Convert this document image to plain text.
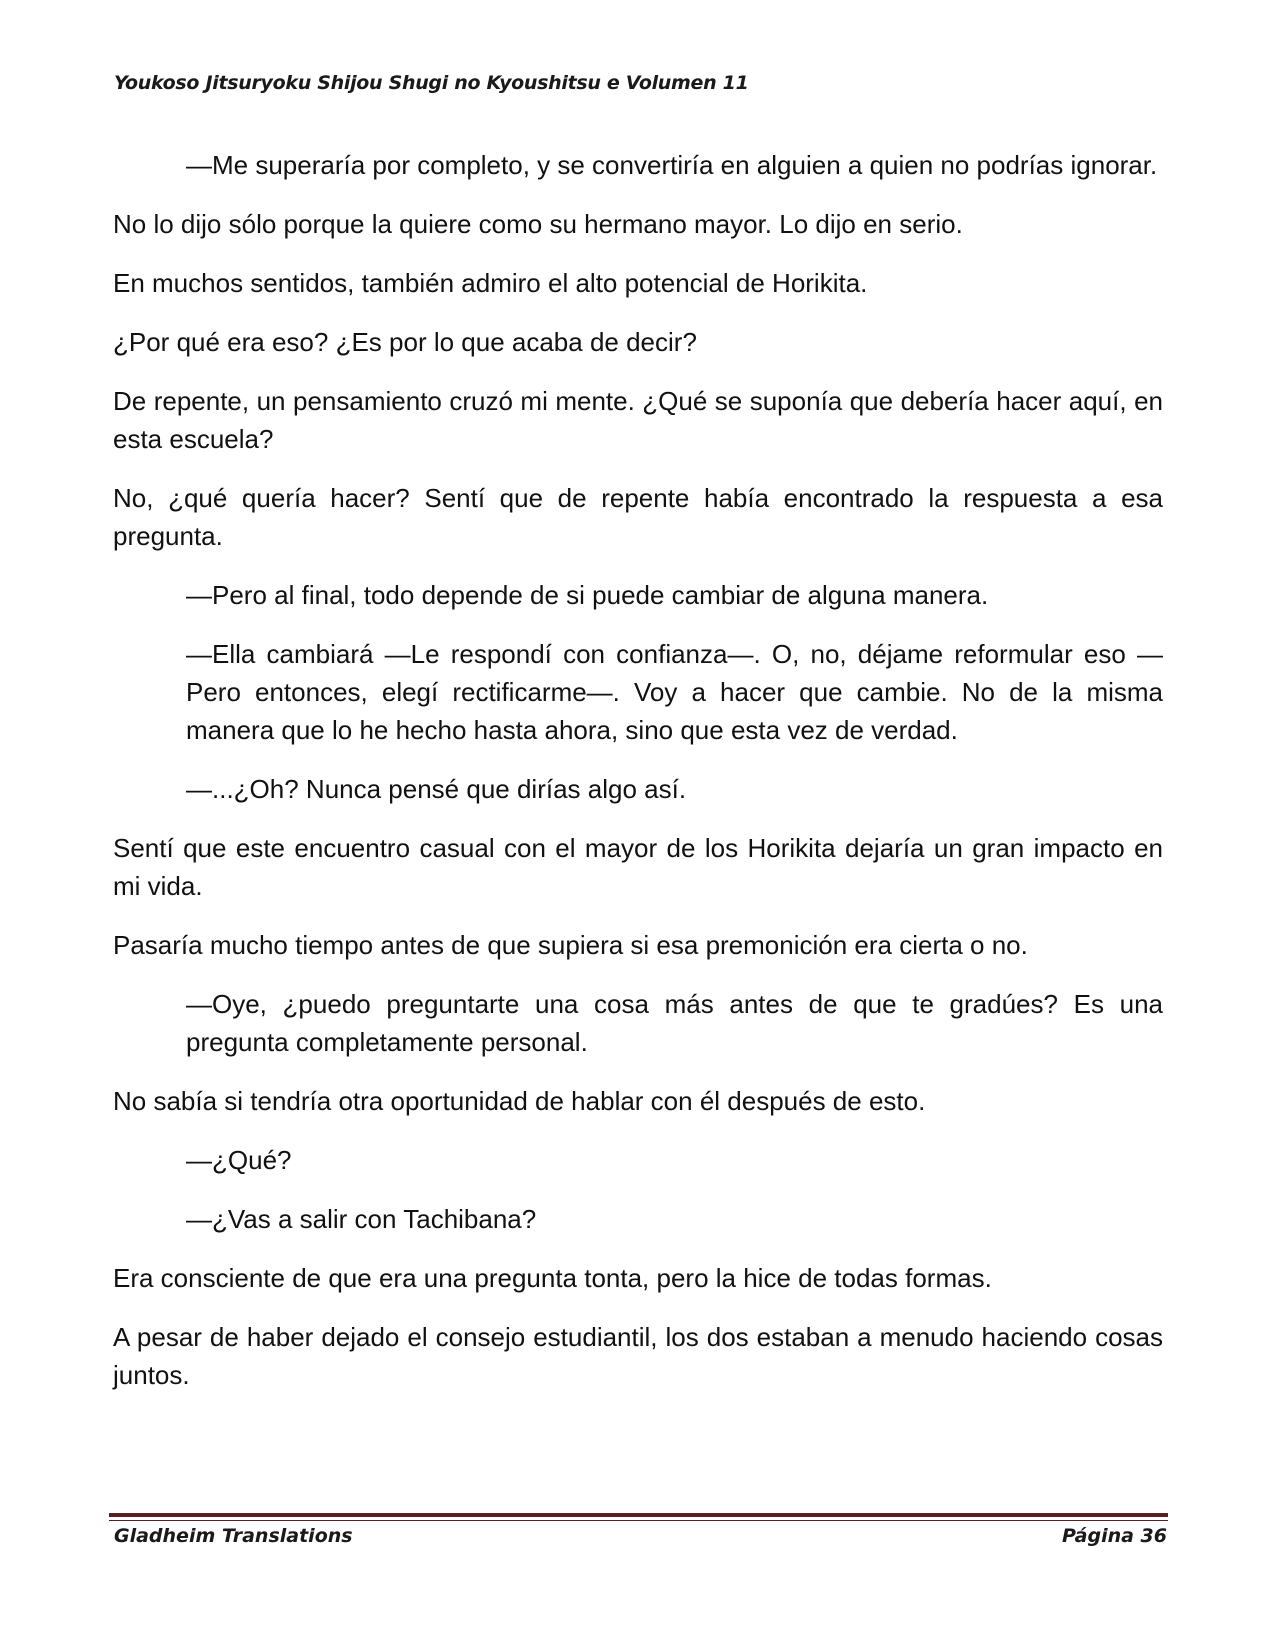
Youkoso Jitsuryoku Shijou Shugi no Kyoushitsu e Volumen 11

—Me superaría por completo, y se convertiría en alguien a quien no podrías ignorar.

No lo dijo sólo porque la quiere como su hermano mayor. Lo dijo en serio.

En muchos sentidos, también admiro el alto potencial de Horikita.

¿Por qué era eso? ¿Es por lo que acaba de decir?

De repente, un pensamiento cruzó mi mente. ¿Qué se suponía que debería hacer aquí, en esta escuela?

No, ¿qué quería hacer? Sentí que de repente había encontrado la respuesta a esa pregunta.

—Pero al final, todo depende de si puede cambiar de alguna manera.

—Ella cambiará —Le respondí con confianza—. O, no, déjame reformular eso —Pero entonces, elegí rectificarme—. Voy a hacer que cambie. No de la misma manera que lo he hecho hasta ahora, sino que esta vez de verdad.

—...¿Oh? Nunca pensé que dirías algo así.

Sentí que este encuentro casual con el mayor de los Horikita dejaría un gran impacto en mi vida.

Pasaría mucho tiempo antes de que supiera si esa premonición era cierta o no.

—Oye, ¿puedo preguntarte una cosa más antes de que te gradúes? Es una pregunta completamente personal.

No sabía si tendría otra oportunidad de hablar con él después de esto.

—¿Qué?

—¿Vas a salir con Tachibana?

Era consciente de que era una pregunta tonta, pero la hice de todas formas.

A pesar de haber dejado el consejo estudiantil, los dos estaban a menudo haciendo cosas juntos.

Gladheim Translations	Página 36
